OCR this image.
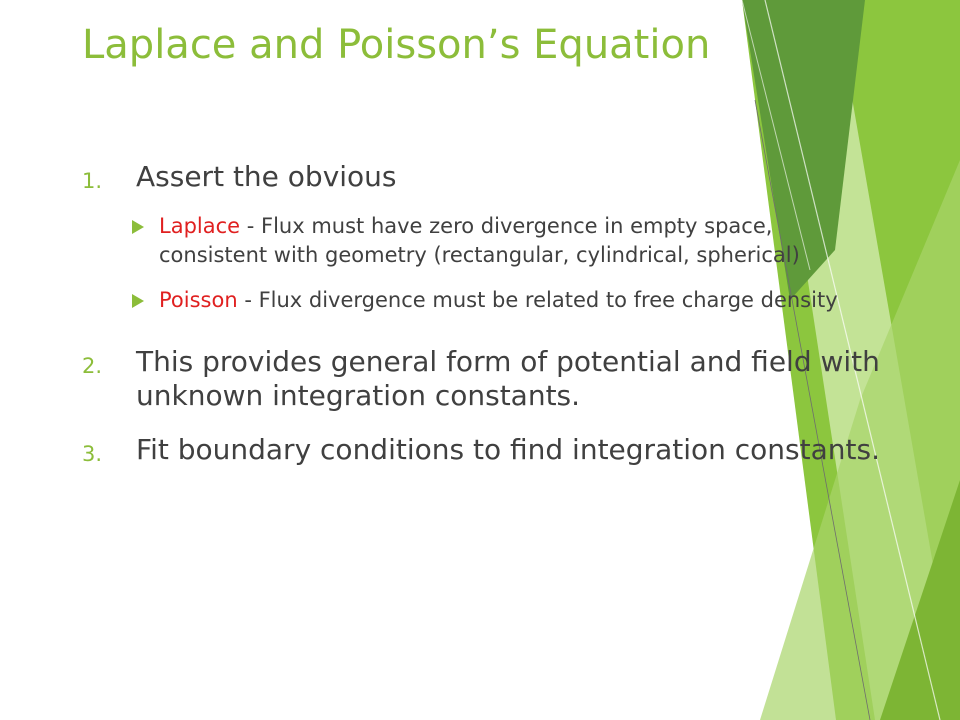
Laplace and Poisson’s Equation
1. Assert the obvious
Laplace - Flux must have zero divergence in empty space, consistent with geometry (rectangular, cylindrical, spherical)
Poisson - Flux divergence must be related to free charge density
2. This provides general form of potential and field with unknown integration constants.
3. Fit boundary conditions to find integration constants.
